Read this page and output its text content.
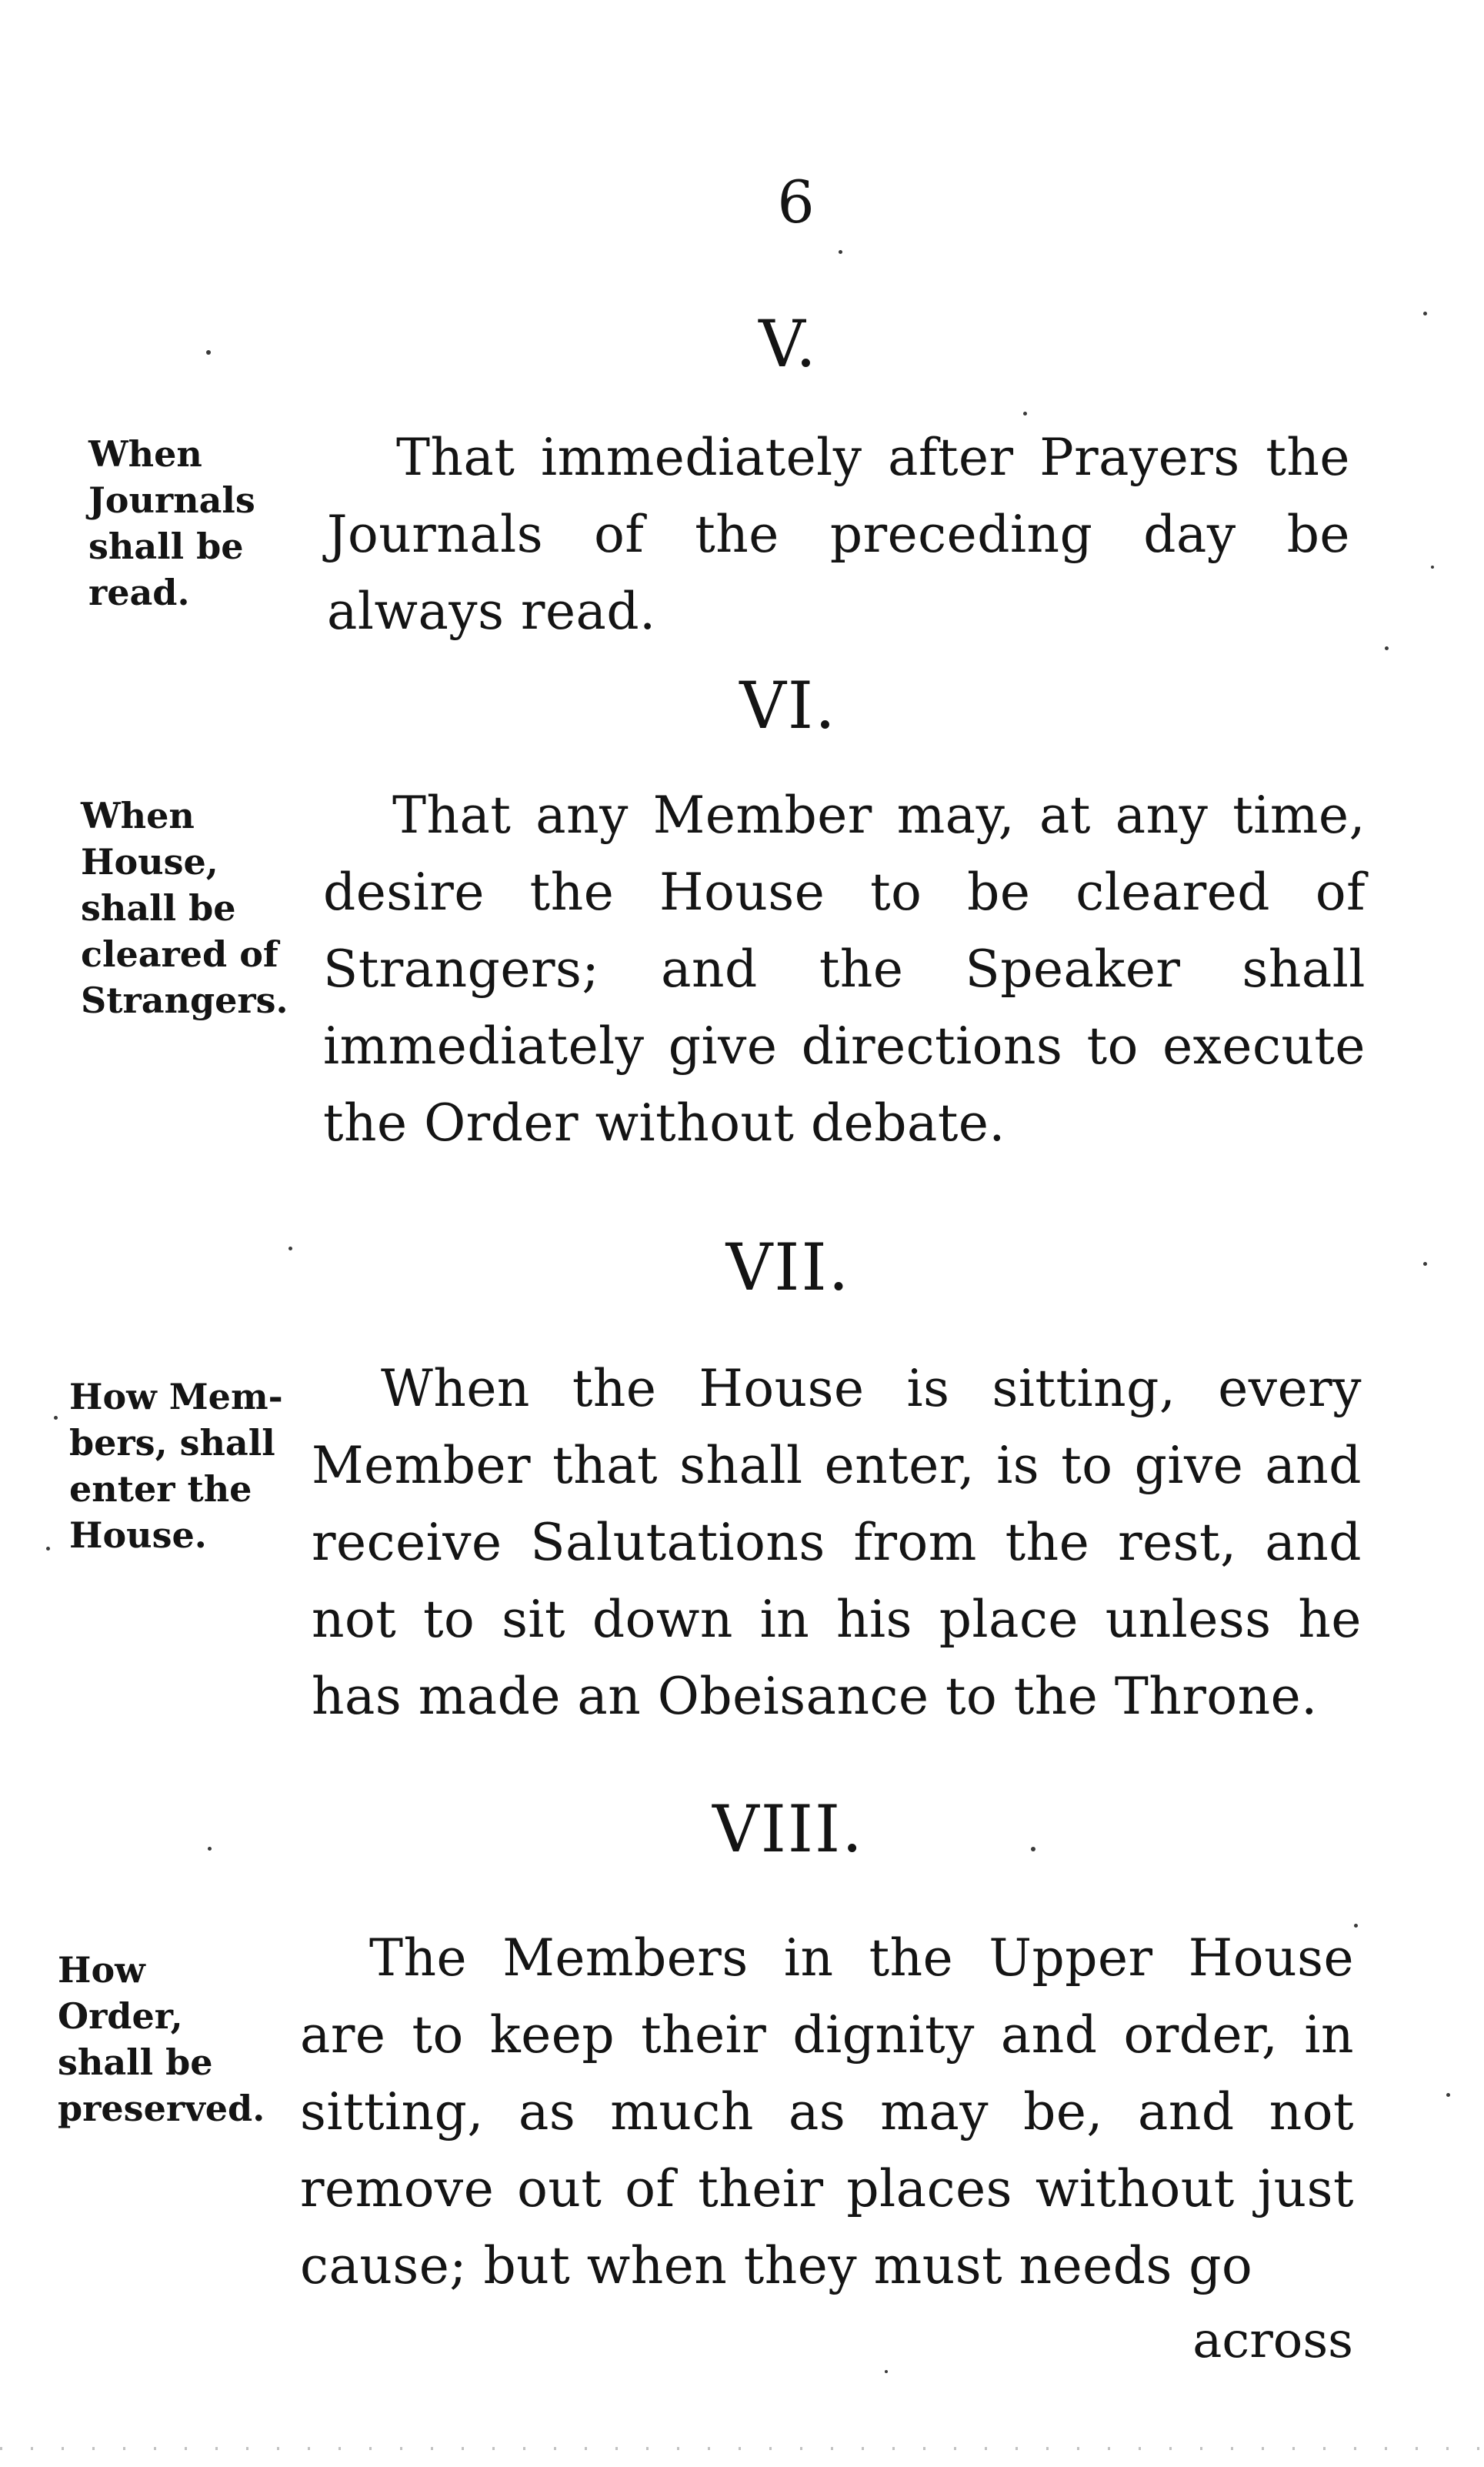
6
V.
When
Journals
shall be
read.
That immediately after Prayers the Journals of the preceding day be always read.
VI.
When
House,
shall be
cleared of
Strangers.
That any Member may, at any time, desire the House to be cleared of Strangers; and the Speaker shall immediately give directions to execute the Order without debate.
VII.
How Mem-
bers, shall
enter the
House.
When the House is sitting, every Member that shall enter, is to give and receive Salutations from the rest, and not to sit down in his place unless he has made an Obeisance to the Throne.
VIII.
How
Order,
shall be
preserved.
The Members in the Upper House are to keep their dignity and order, in sitting, as much as may be, and not remove out of their places without just cause; but when they must needs go
across
